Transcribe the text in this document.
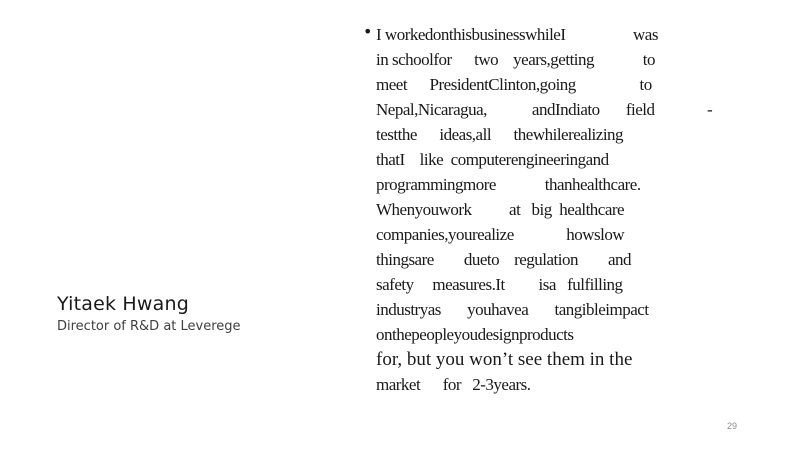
Yitaek Hwang
Director of R&D at Leverege
• I workedonthisbusinesswhileI                  was
in schoolfor      two    years,getting             to
meet      PresidentClinton,going                 to
Nepal,Nicaragua,            andIndiato       field
testthe      ideas,all      thewhilerealizing
thatI    like  computerengineeringand
programmingmore             thanhealthcare.
Whenyouwork          at   big  healthcare
companies,yourealize              howslow
thingsare        dueto    regulation        and
safety     measures.It         isa   fulfilling
industryas       youhavea       tangibleimpact
onthepeopleyoudesignproducts
for, but you won’t see them in the
market      for   2-3years.
-
29
